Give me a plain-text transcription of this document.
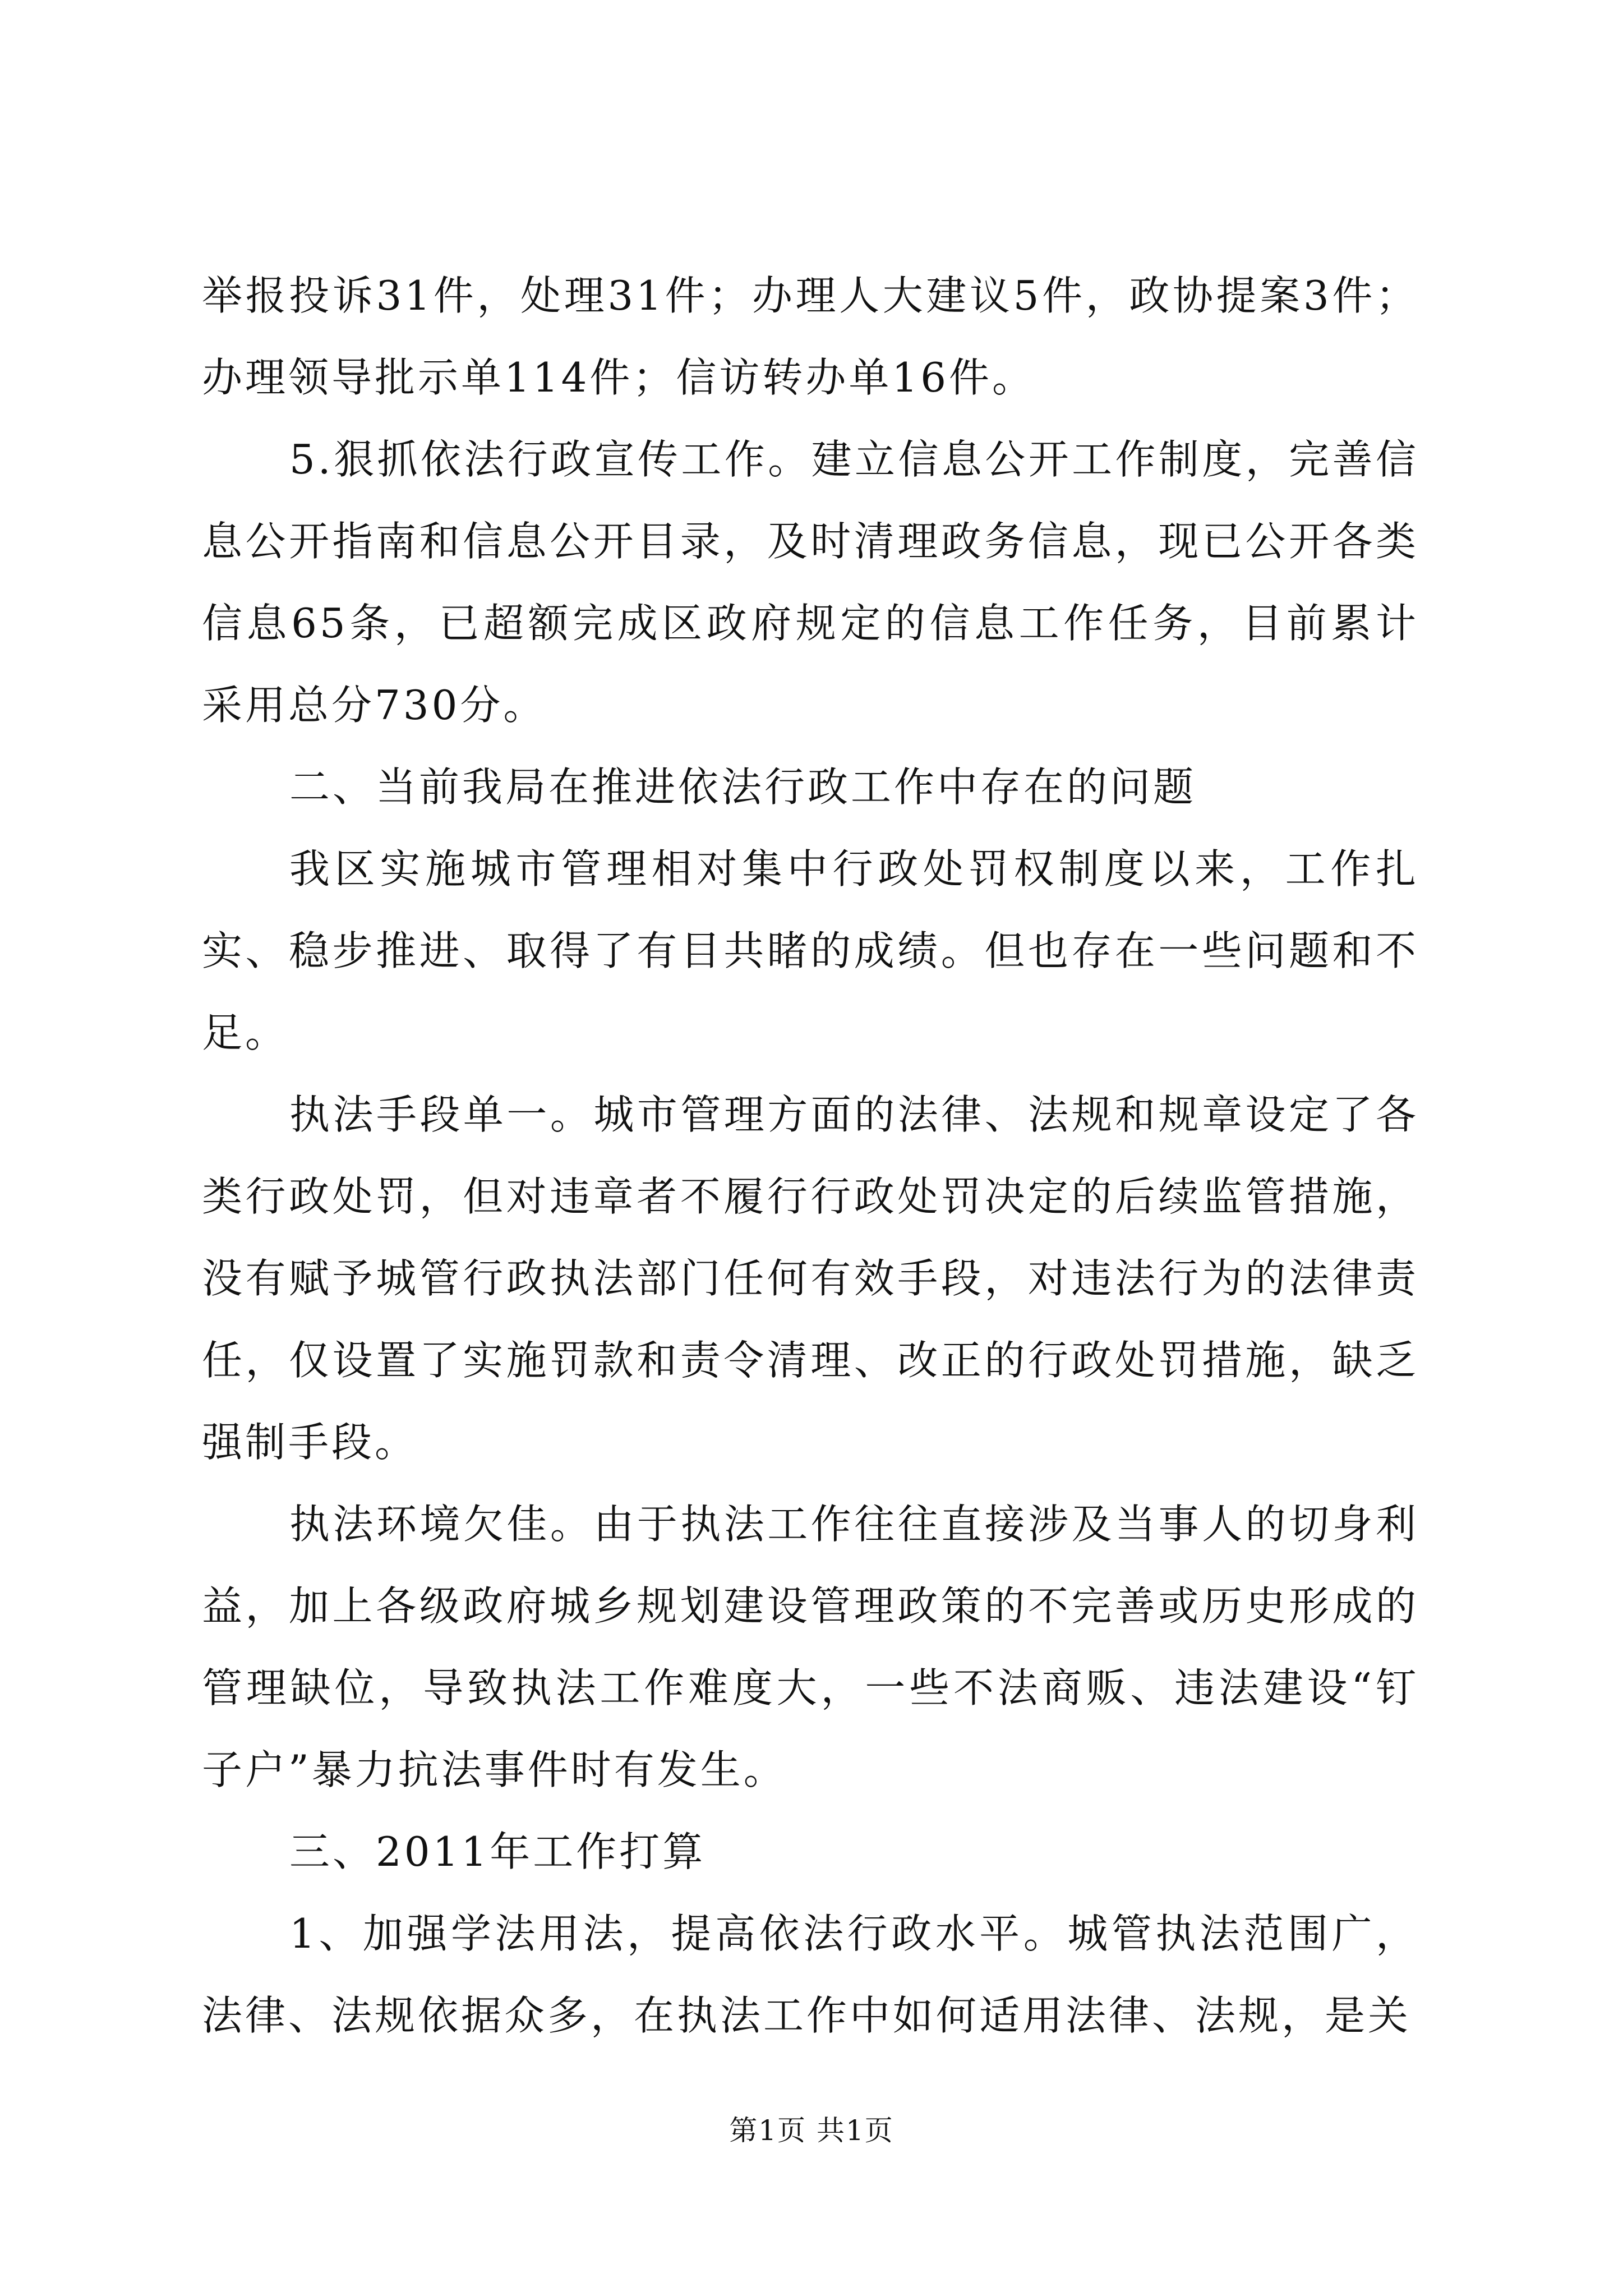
举报投诉31件，处理31件；办理人大建议5件，政协提案3件；办理领导批示单114件；信访转办单16件。

5.狠抓依法行政宣传工作。建立信息公开工作制度，完善信息公开指南和信息公开目录，及时清理政务信息，现已公开各类信息65条，已超额完成区政府规定的信息工作任务，目前累计采用总分730分。

二、当前我局在推进依法行政工作中存在的问题

我区实施城市管理相对集中行政处罚权制度以来，工作扎实、稳步推进、取得了有目共睹的成绩。但也存在一些问题和不足。

执法手段单一。城市管理方面的法律、法规和规章设定了各类行政处罚，但对违章者不履行行政处罚决定的后续监管措施，没有赋予城管行政执法部门任何有效手段，对违法行为的法律责任，仅设置了实施罚款和责令清理、改正的行政处罚措施，缺乏强制手段。

执法环境欠佳。由于执法工作往往直接涉及当事人的切身利益，加上各级政府城乡规划建设管理政策的不完善或历史形成的管理缺位，导致执法工作难度大，一些不法商贩、违法建设“钉子户”暴力抗法事件时有发生。

三、2011年工作打算

1、加强学法用法，提高依法行政水平。城管执法范围广，法律、法规依据众多，在执法工作中如何适用法律、法规，是关

第1页 共1页
